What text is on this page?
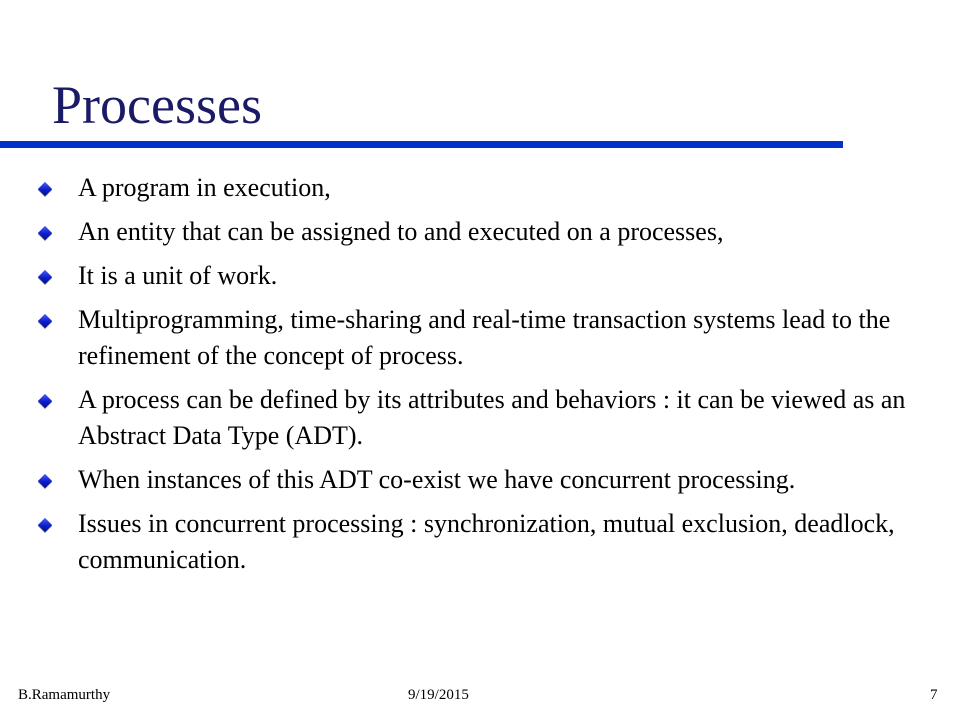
Processes
A program in execution,
An entity that can be assigned to and executed on a processes,
It is a unit of work.
Multiprogramming, time-sharing and real-time transaction systems lead to the refinement of the concept of process.
A process can be defined by its attributes and behaviors : it can be viewed as an Abstract Data Type (ADT).
When instances of this ADT co-exist we have concurrent processing.
Issues in concurrent processing : synchronization, mutual exclusion, deadlock, communication.
B.Ramamurthy	9/19/2015	7
